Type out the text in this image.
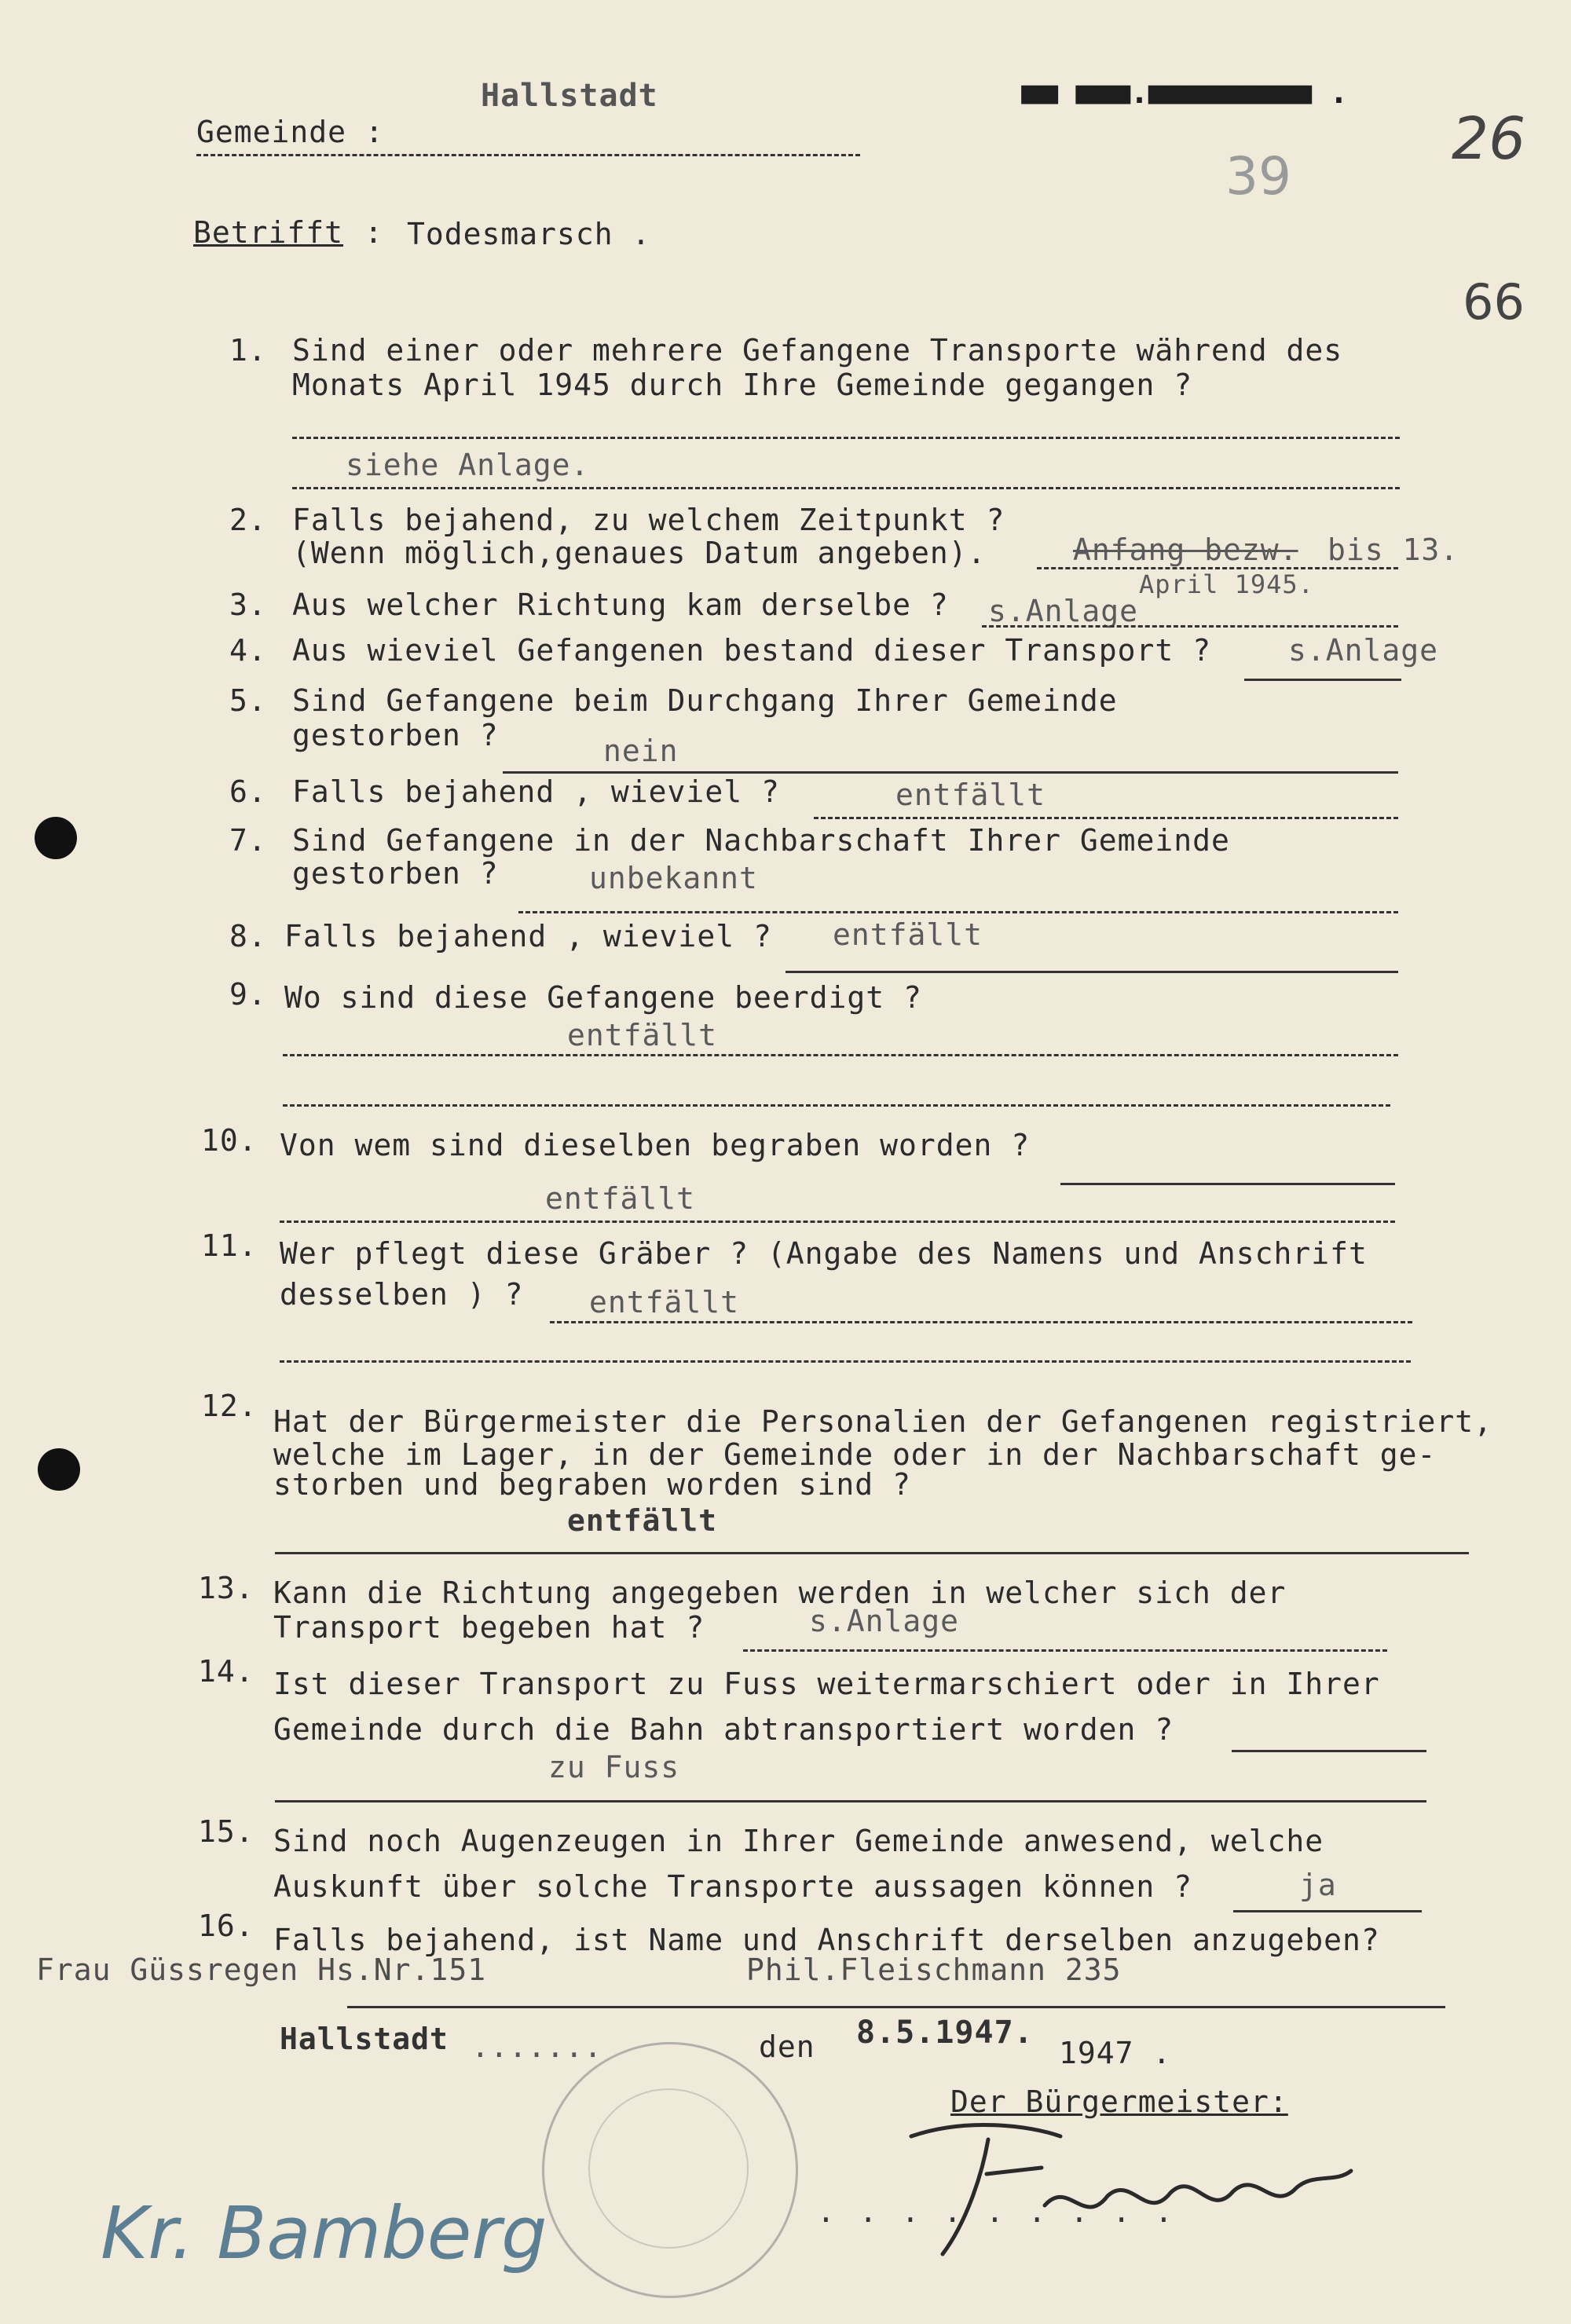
Gemeinde :
Hallstadt	■■ ■■■.■■■■■■■■■ .
39
26
66
Betrifft : Todesmarsch .
1. Sind einer oder mehrere Gefangene Transporte während des
Monats April 1945 durch Ihre Gemeinde gegangen ?
siehe Anlage.
2. Falls bejahend, zu welchem Zeitpunkt ?
(Wenn möglich,genaues Datum angeben).	Anfang bezw. bis 13.
April 1945.
3. Aus welcher Richtung kam derselbe ? s.Anlage
4. Aus wieviel Gefangenen bestand dieser Transport ?	s.Anlage
5. Sind Gefangene beim Durchgang Ihrer Gemeinde
gestorben ?	nein
6. Falls bejahend , wieviel ?	entfällt
7. Sind Gefangene in der Nachbarschaft Ihrer Gemeinde
gestorben ?	unbekannt
8. Falls bejahend , wieviel ? entfällt
9. Wo sind diese Gefangene beerdigt ?
entfällt
10. Von wem sind dieselben begraben worden ?
entfällt
11. Wer pflegt diese Gräber ? (Angabe des Namens und Anschrift
desselben ) ? entfällt
12. Hat der Bürgermeister die Personalien der Gefangenen registriert,
welche im Lager, in der Gemeinde oder in der Nachbarschaft ge-
storben und begraben worden sind ?
entfällt
13. Kann die Richtung angegeben werden in welcher sich der
Transport begeben hat ?	s.Anlage
14. Ist dieser Transport zu Fuss weitermarschiert oder in Ihrer
Gemeinde durch die Bahn abtransportiert worden ?
zu Fuss
15. Sind noch Augenzeugen in Ihrer Gemeinde anwesend, welche
Auskunft über solche Transporte aussagen können ?	ja
16. Falls bejahend, ist Name und Anschrift derselben anzugeben?
Frau Güssregen Hs.Nr.151	Phil.Fleischmann 235
Hallstadt .......	den 8.5.1947.
1947 .
Der Bürgermeister:
. . . . . . . . .
Kr. Bamberg
